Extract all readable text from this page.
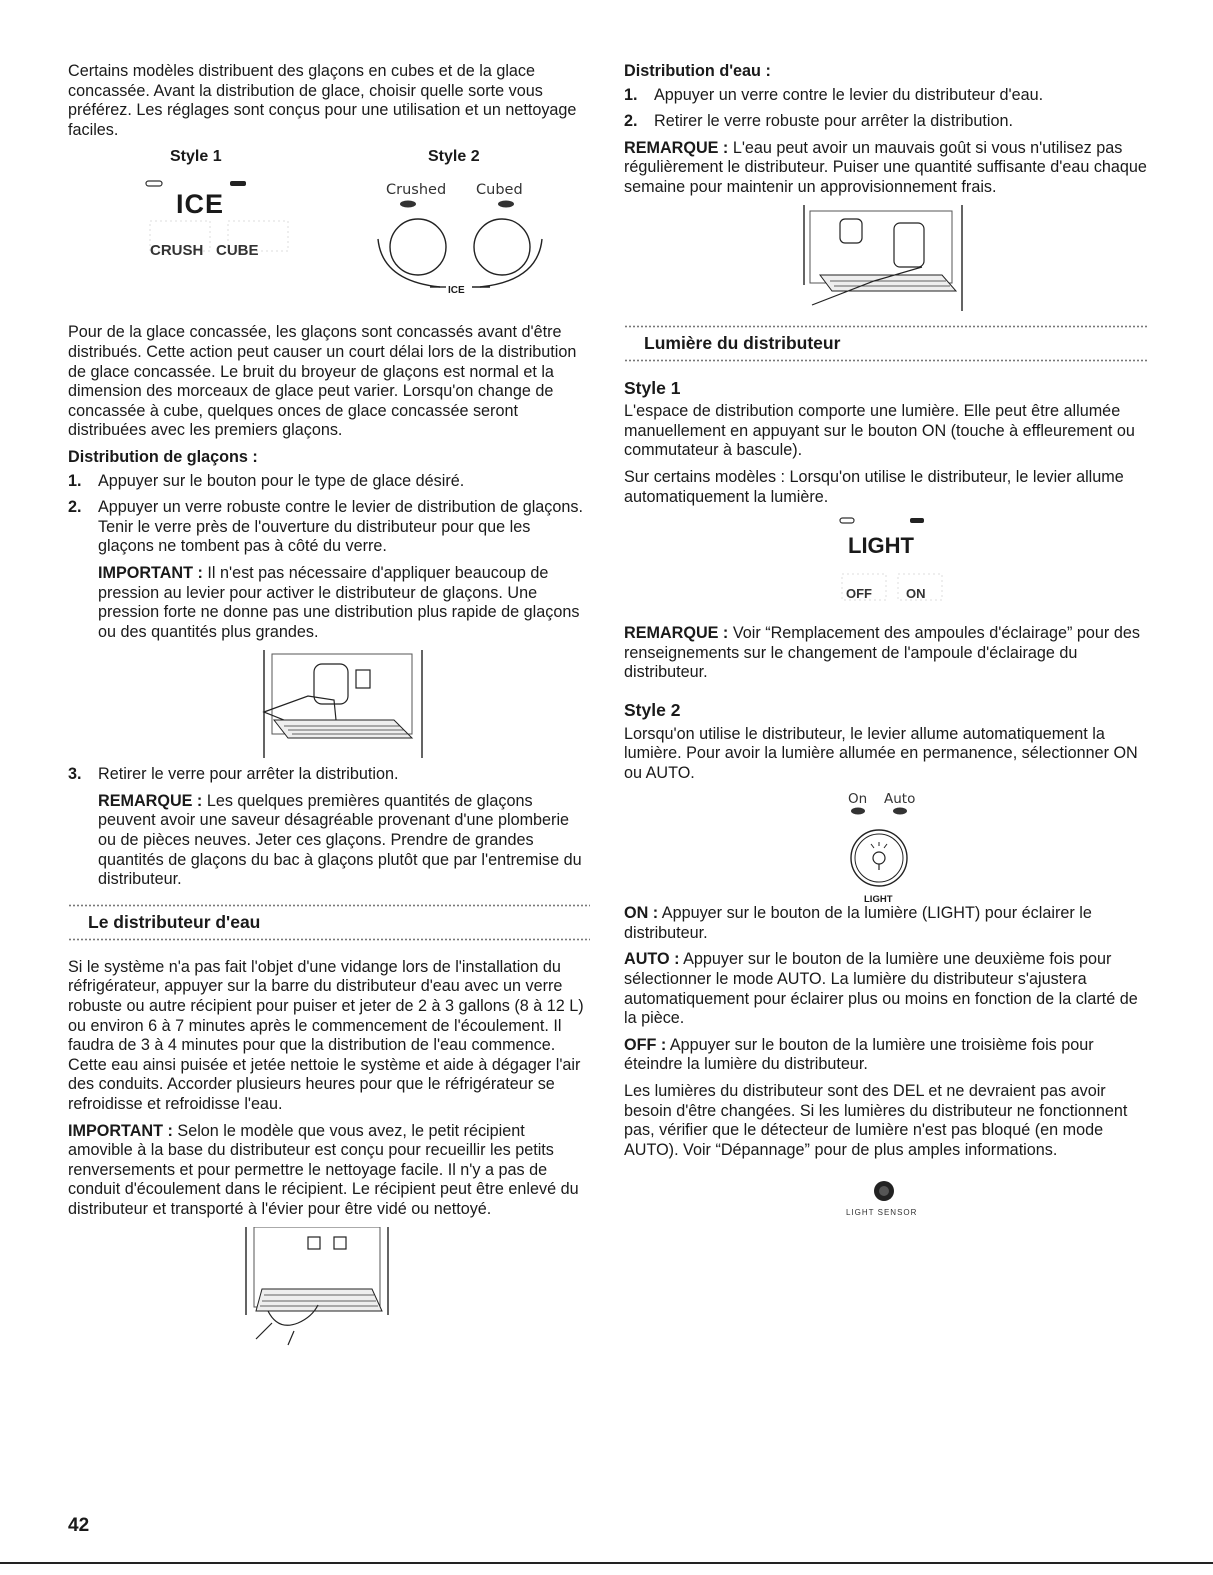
Certains modèles distribuent des glaçons en cubes et de la glace concassée. Avant la distribution de glace, choisir quelle sorte vous préférez. Les réglages sont conçus pour une utilisation et un nettoyage faciles.

Style 1	Style 2
ICE
CRUSH CUBE
Crushed Cubed
ICE

Pour de la glace concassée, les glaçons sont concassés avant d'être distribués. Cette action peut causer un court délai lors de la distribution de glace concassée. Le bruit du broyeur de glaçons est normal et la dimension des morceaux de glace peut varier. Lorsqu'on change de concassée à cube, quelques onces de glace concassée seront distribuées avec les premiers glaçons.

Distribution de glaçons :
1. Appuyer sur le bouton pour le type de glace désiré.
2. Appuyer un verre robuste contre le levier de distribution de glaçons. Tenir le verre près de l'ouverture du distributeur pour que les glaçons ne tombent pas à côté du verre.

IMPORTANT : Il n'est pas nécessaire d'appliquer beaucoup de pression au levier pour activer le distributeur de glaçons. Une pression forte ne donne pas une distribution plus rapide de glaçons ou des quantités plus grandes.

3. Retirer le verre pour arrêter la distribution.

REMARQUE : Les quelques premières quantités de glaçons peuvent avoir une saveur désagréable provenant d'une plomberie ou de pièces neuves. Jeter ces glaçons. Prendre de grandes quantités de glaçons du bac à glaçons plutôt que par l'entremise du distributeur.

Le distributeur d'eau

Si le système n'a pas fait l'objet d'une vidange lors de l'installation du réfrigérateur, appuyer sur la barre du distributeur d'eau avec un verre robuste ou autre récipient pour puiser et jeter de 2 à 3 gallons (8 à 12 L) ou environ 6 à 7 minutes après le commencement de l'écoulement. Il faudra de 3 à 4 minutes pour que la distribution de l'eau commence. Cette eau ainsi puisée et jetée nettoie le système et aide à dégager l'air des conduits. Accorder plusieurs heures pour que le réfrigérateur se refroidisse et refroidisse l'eau.

IMPORTANT : Selon le modèle que vous avez, le petit récipient amovible à la base du distributeur est conçu pour recueillir les petits renversements et pour permettre le nettoyage facile. Il n'y a pas de conduit d'écoulement dans le récipient. Le récipient peut être enlevé du distributeur et transporté à l'évier pour être vidé ou nettoyé.

Distribution d'eau :
1. Appuyer un verre contre le levier du distributeur d'eau.
2. Retirer le verre robuste pour arrêter la distribution.

REMARQUE : L'eau peut avoir un mauvais goût si vous n'utilisez pas régulièrement le distributeur. Puiser une quantité suffisante d'eau chaque semaine pour maintenir un approvisionnement frais.

Lumière du distributeur
Style 1

L'espace de distribution comporte une lumière. Elle peut être allumée manuellement en appuyant sur le bouton ON (touche à effleurement ou commutateur à bascule).

Sur certains modèles : Lorsqu'on utilise le distributeur, le levier allume automatiquement la lumière.

LIGHT
OFF	ON

REMARQUE : Voir “Remplacement des ampoules d'éclairage” pour des renseignements sur le changement de l'ampoule d'éclairage du distributeur.

Style 2

Lorsqu'on utilise le distributeur, le levier allume automatiquement la lumière. Pour avoir la lumière allumée en permanence, sélectionner ON ou AUTO.

On Auto
LIGHT

ON : Appuyer sur le bouton de la lumière (LIGHT) pour éclairer le distributeur.

AUTO : Appuyer sur le bouton de la lumière une deuxième fois pour sélectionner le mode AUTO. La lumière du distributeur s'ajustera automatiquement pour éclairer plus ou moins en fonction de la clarté de la pièce.

OFF : Appuyer sur le bouton de la lumière une troisième fois pour éteindre la lumière du distributeur.

Les lumières du distributeur sont des DEL et ne devraient pas avoir besoin d'être changées. Si les lumières du distributeur ne fonctionnent pas, vérifier que le détecteur de lumière n'est pas bloqué (en mode AUTO). Voir “Dépannage” pour de plus amples informations.

LIGHT SENSOR
42
